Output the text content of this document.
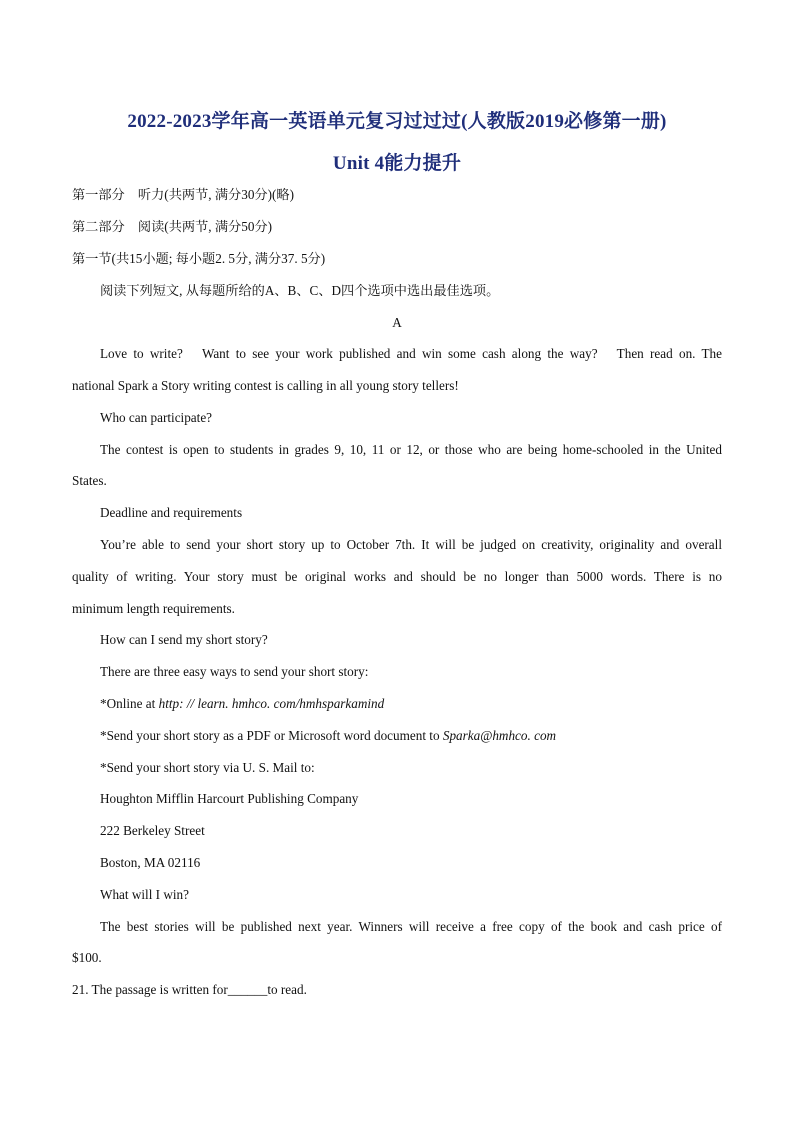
2022-2023学年高一英语单元复习过过过(人教版2019必修第一册)
Unit 4能力提升
第一部分　听力(共两节, 满分30分)(略)
第二部分　阅读(共两节, 满分50分)
第一节(共15小题; 每小题2. 5分, 满分37. 5分)
阅读下列短文, 从每题所给的A、B、C、D四个选项中选出最佳选项。
A
Love to write?　Want to see your work published and win some cash along the way?　Then read on. The
national Spark a Story writing contest is calling in all young story tellers!
Who can participate?
The contest is open to students in grades 9, 10, 11 or 12, or those who are being home-schooled in the United
States.
Deadline and requirements
You’re able to send your short story up to October 7th. It will be judged on creativity, originality and overall
quality of writing. Your story must be original works and should be no longer than 5000 words. There is no
minimum length requirements.
How can I send my short story?
There are three easy ways to send your short story:
*Online at http: // learn. hmhco. com/hmhsparkamind
*Send your short story as a PDF or Microsoft word document to Sparka@hmhco. com
*Send your short story via U. S. Mail to:
Houghton Mifflin Harcourt Publishing Company
222 Berkeley Street
Boston, MA 02116
What will I win?
The best stories will be published next year. Winners will receive a free copy of the book and cash price of
$100.
21. The passage is written for______to read.
